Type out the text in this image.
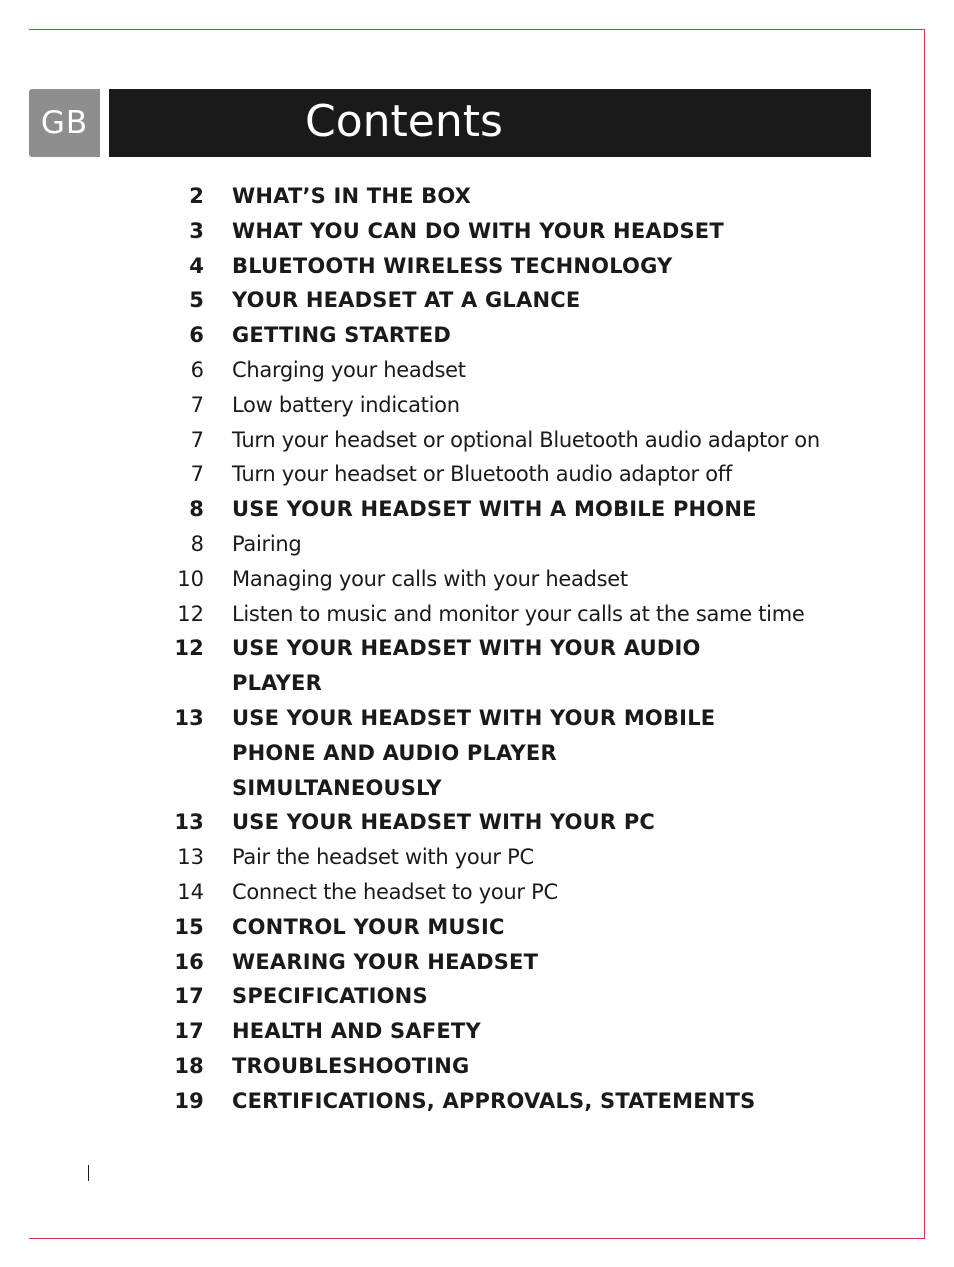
GB	Contents
2 WHAT’S IN THE BOX
3 WHAT YOU CAN DO WITH YOUR HEADSET
4 BLUETOOTH WIRELESS TECHNOLOGY
5 YOUR HEADSET AT A GLANCE
6 GETTING STARTED
6 Charging your headset
7 Low battery indication
7 Turn your headset or optional Bluetooth audio adaptor on
7 Turn your headset or Bluetooth audio adaptor off
8 USE YOUR HEADSET WITH A MOBILE PHONE
8 Pairing
10 Managing your calls with your headset
12 Listen to music and monitor your calls at the same time
12 USE YOUR HEADSET WITH YOUR AUDIO PLAYER
13 USE YOUR HEADSET WITH YOUR MOBILE PHONE AND AUDIO PLAYER SIMULTANEOUSLY
13 USE YOUR HEADSET WITH YOUR PC
13 Pair the headset with your PC
14 Connect the headset to your PC
15 CONTROL YOUR MUSIC
16 WEARING YOUR HEADSET
17 SPECIFICATIONS
17 HEALTH AND SAFETY
18 TROUBLESHOOTING
19 CERTIFICATIONS, APPROVALS, STATEMENTS
